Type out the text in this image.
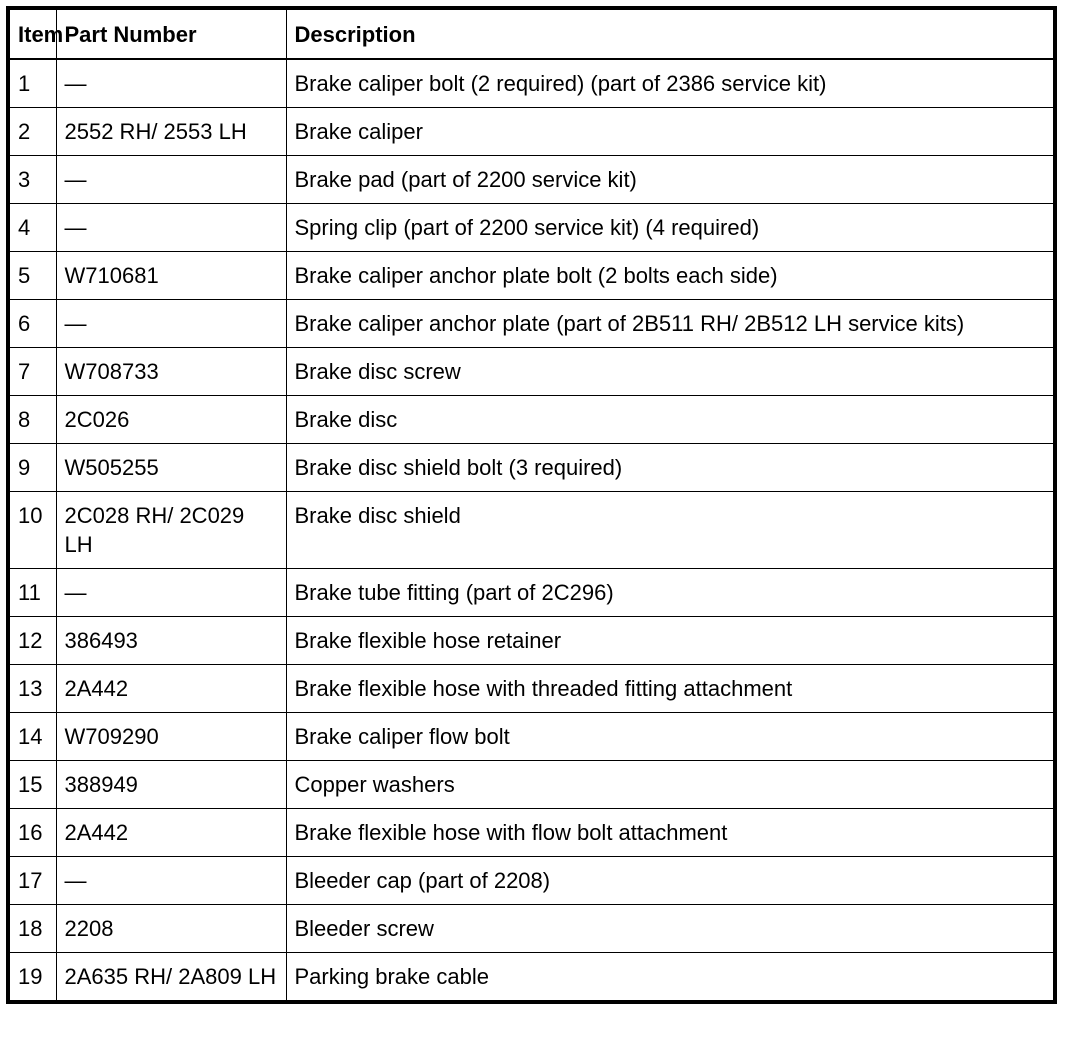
Item	Part Number	Description
1	—	Brake caliper bolt (2 required) (part of 2386 service kit)
2	2552 RH/ 2553 LH	Brake caliper
3	—	Brake pad (part of 2200 service kit)
4	—	Spring clip (part of 2200 service kit) (4 required)
5	W710681	Brake caliper anchor plate bolt (2 bolts each side)
6	—	Brake caliper anchor plate (part of 2B511 RH/ 2B512 LH service kits)
7	W708733	Brake disc screw
8	2C026	Brake disc
9	W505255	Brake disc shield bolt (3 required)
10	2C028 RH/ 2C029 LH	Brake disc shield
11	—	Brake tube fitting (part of 2C296)
12	386493	Brake flexible hose retainer
13	2A442	Brake flexible hose with threaded fitting attachment
14	W709290	Brake caliper flow bolt
15	388949	Copper washers
16	2A442	Brake flexible hose with flow bolt attachment
17	—	Bleeder cap (part of 2208)
18	2208	Bleeder screw
19	2A635 RH/ 2A809 LH	Parking brake cable
